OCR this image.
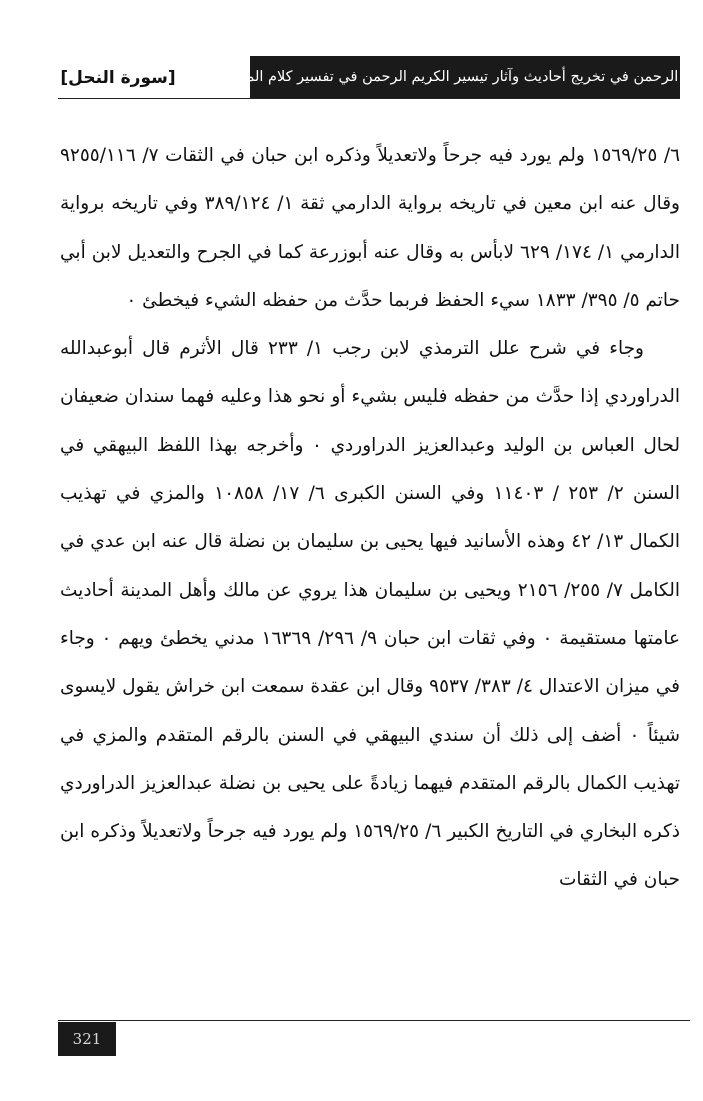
منة الرحمن في تخريج أحاديث وآثار تيسير الكريم الرحمن في تفسير كلام المنان
[سورة النحل]

٦/ ١٥٦٩/٢٥ ولم يورد فيه جرحاً ولاتعديلاً وذكره ابن حبان في الثقات ٧/ ٩٢٥٥/١١٦ وقال عنه ابن معين في تاريخه برواية الدارمي ثقة ١/ ٣٨٩/١٢٤ وفي تاريخه برواية الدارمي ١/ ١٧٤/ ٦٢٩ لابأس به وقال عنه أبوزرعة كما في الجرح والتعديل لابن أبي حاتم ٥/ ٣٩٥/ ١٨٣٣ سيء الحفظ فربما حدَّث من حفظه الشيء فيخطئ ٠

وجاء في شرح علل الترمذي لابن رجب ١/ ٢٣٣ قال الأثرم قال أبوعبدالله الدراوردي إذا حدَّث من حفظه فليس بشيء أو نحو هذا وعليه فهما سندان ضعيفان لحال العباس بن الوليد وعبدالعزيز الدراوردي ٠ وأخرجه بهذا اللفظ البيهقي في السنن ٢/ ٢٥٣ / ١١٤٠٣ وفي السنن الكبرى ٦/ ١٧/ ١٠٨٥٨ والمزي في تهذيب الكمال ١٣/ ٤٢ وهذه الأسانيد فيها يحيى بن سليمان بن نضلة قال عنه ابن عدي في الكامل ٧/ ٢٥٥/ ٢١٥٦ ويحيى بن سليمان هذا يروي عن مالك وأهل المدينة أحاديث عامتها مستقيمة ٠ وفي ثقات ابن حبان ٩/ ٢٩٦/ ١٦٣٦٩ مدني يخطئ ويهم ٠ وجاء في ميزان الاعتدال ٤/ ٣٨٣/ ٩٥٣٧ وقال ابن عقدة سمعت ابن خراش يقول لايسوى شيئاً ٠ أضف إلى ذلك أن سندي البيهقي في السنن بالرقم المتقدم والمزي في تهذيب الكمال بالرقم المتقدم فيهما زيادةً على يحيى بن نضلة عبدالعزيز الدراوردي ذكره البخاري في التاريخ الكبير ٦/ ١٥٦٩/٢٥ ولم يورد فيه جرحاً ولاتعديلاً وذكره ابن حبان في الثقات

321
